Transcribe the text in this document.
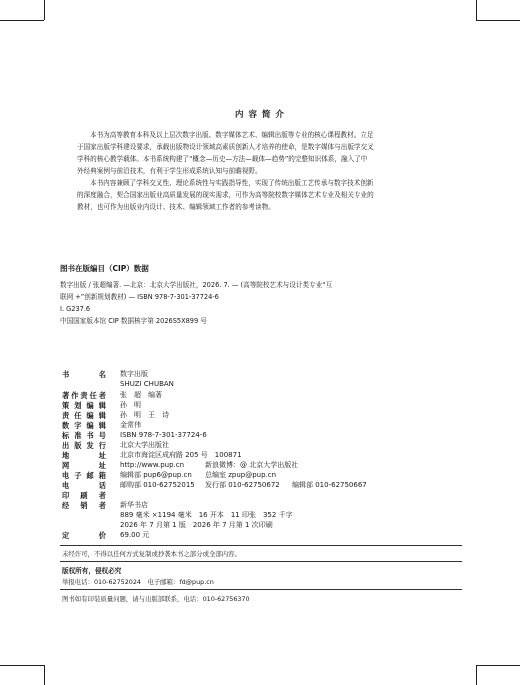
内 容 简 介
本书为高等教育本科及以上层次数字出版、数字媒体艺术、编辑出版等专业的核心课程教材。立足
于国家出版学科建设要求，承载出版物设计领域高素质创新人才培养的使命，是数字媒体与出版学交叉
学科的核心教学载体。本书系统构建了“概念—历史—方法—载体—趋势”的完整知识体系，融入了中
外经典案例与前沿技术，有利于学生形成系统认知与前瞻视野。
本书内容兼顾了学科交叉性、理论系统性与实践指导性，实现了传统出版工艺传承与数字技术创新
的深度融合，契合国家出版业高质量发展的现实需求，可作为高等院校数字媒体艺术专业及相关专业的
教材，也可作为出版业内设计、技术、编辑领域工作者的参考读物。
图书在版编目（CIP）数据
数字出版 / 张超编著. —北京：北京大学出版社，2026. 7. — (高等院校艺术与设计类专业“互
联网 +”创新规划教材) — ISBN 978-7-301-37724-6
Ⅰ. G237.6
中国国家版本馆 CIP 数据核字第 2026S5X899 号
书　名 数字出版
SHUZI CHUBAN
著作责任者 张　超　编著
策划编辑 孙　明
责任编辑 孙　明　王　诗
数字编辑 金常伟
标准书号 ISBN 978-7-301-37724-6
出版发行 北京大学出版社
地　址 北京市海淀区成府路 205 号　100871
网　址 http://www.pup.cn	新浪微博：@ 北京大学出版社
电子邮箱 编辑部 pup6@pup.cn 总编室 zpup@pup.cn
电　话 邮购部 010-62752015 发行部 010-62750672 编辑部 010-62750667
印 刷 者
经 销 者 新华书店
889 毫米 ×1194 毫米　16 开本　11 印张　352 千字
2026 年 7 月第 1 版　2026 年 7 月第 1 次印刷
定　价 69.00 元
未经许可，不得以任何方式复制或抄袭本书之部分或全部内容。
版权所有，侵权必究
举报电话：010-62752024　电子邮箱：fd@pup.cn
图书如有印装质量问题，请与出版部联系，电话：010-62756370
